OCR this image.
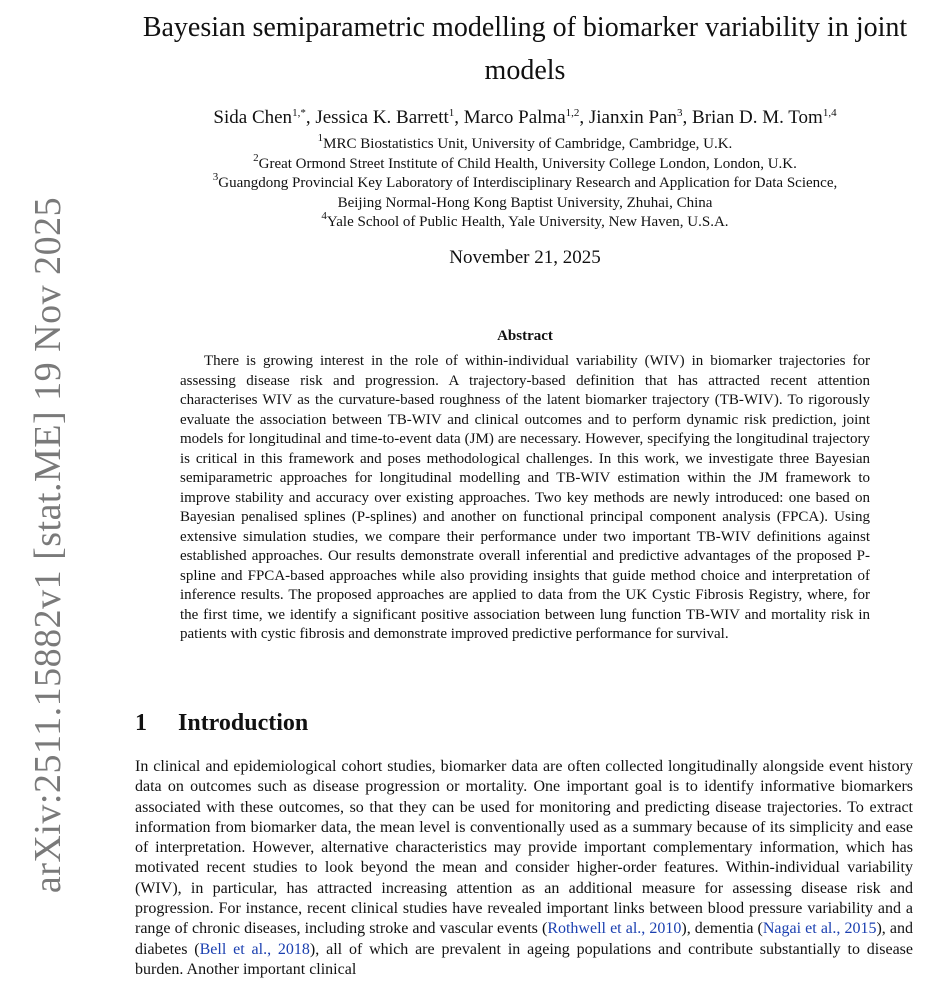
arXiv:2511.15882v1 [stat.ME] 19 Nov 2025
Bayesian semiparametric modelling of biomarker variability in joint models
Sida Chen$^{1,*}$, Jessica K. Barrett$^1$, Marco Palma$^{1,2}$, Jianxin Pan$^3$, Brian D. M. Tom$^{1,4}$
$^1$MRC Biostatistics Unit, University of Cambridge, Cambridge, U.K.
$^2$Great Ormond Street Institute of Child Health, University College London, London, U.K.
$^3$Guangdong Provincial Key Laboratory of Interdisciplinary Research and Application for Data Science,
Beijing Normal-Hong Kong Baptist University, Zhuhai, China
$^4$Yale School of Public Health, Yale University, New Haven, U.S.A.
November 21, 2025
Abstract
There is growing interest in the role of within-individual variability (WIV) in biomarker trajectories for assessing disease risk and progression. A trajectory-based definition that has attracted recent attention characterises WIV as the curvature-based roughness of the latent biomarker trajectory (TB-WIV). To rigorously evaluate the association between TB-WIV and clinical outcomes and to perform dynamic risk prediction, joint models for longitudinal and time-to-event data (JM) are necessary. However, specifying the longitudinal trajectory is critical in this framework and poses methodological challenges. In this work, we investigate three Bayesian semiparametric approaches for longitudinal modelling and TB-WIV estimation within the JM framework to improve stability and accuracy over existing approaches. Two key methods are newly introduced: one based on Bayesian penalised splines (P-splines) and another on functional principal component analysis (FPCA). Using extensive simulation studies, we compare their performance under two important TB-WIV definitions against established approaches. Our results demonstrate overall inferential and predictive advantages of the proposed P-spline and FPCA-based approaches while also providing insights that guide method choice and interpretation of inference results. The proposed approaches are applied to data from the UK Cystic Fibrosis Registry, where, for the first time, we identify a significant positive association between lung function TB-WIV and mortality risk in patients with cystic fibrosis and demonstrate improved predictive performance for survival.
1 Introduction
In clinical and epidemiological cohort studies, biomarker data are often collected longitudinally alongside event history data on outcomes such as disease progression or mortality. One important goal is to identify informative biomarkers associated with these outcomes, so that they can be used for monitoring and predicting disease trajectories. To extract information from biomarker data, the mean level is conventionally used as a summary because of its simplicity and ease of interpretation. However, alternative characteristics may provide important complementary information, which has motivated recent studies to look beyond the mean and consider higher-order features. Within-individual variability (WIV), in particular, has attracted increasing attention as an additional measure for assessing disease risk and progression. For instance, recent clinical studies have revealed important links between blood pressure variability and a range of chronic diseases, including stroke and vascular events (Rothwell et al., 2010), dementia (Nagai et al., 2015), and diabetes (Bell et al., 2018), all of which are prevalent in ageing populations and contribute substantially to disease burden. Another important clinical
